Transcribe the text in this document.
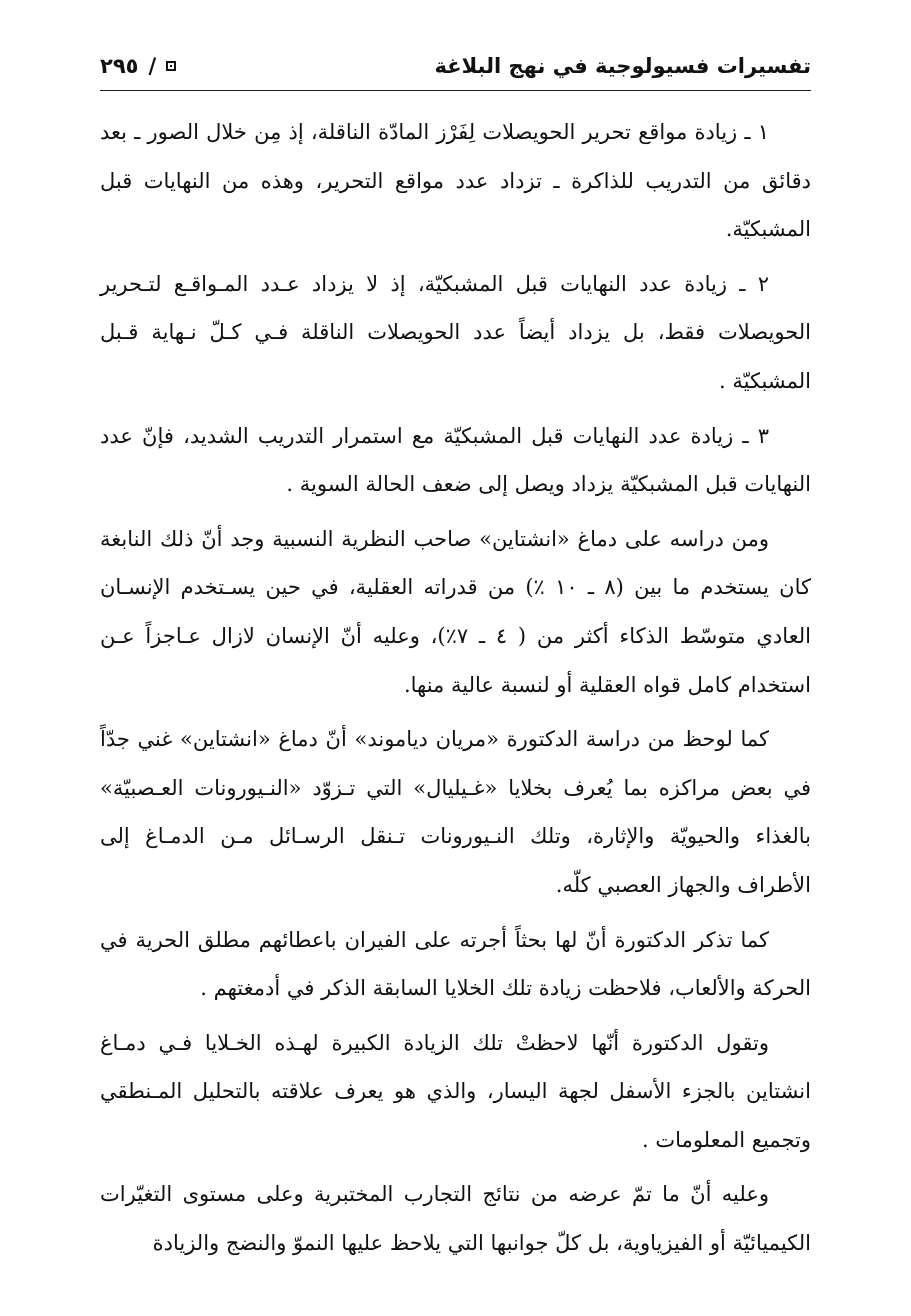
تفسيرات فسيولوجية في نهج البلاغة
/
٢٩٥

١ ـ زيادة مواقع تحرير الحويصلات لِفَرْز المادّة الناقلة، إذ مِن خلال الصور ـ بعد دقائق من التدريب للذاكرة ـ تزداد عدد مواقع التحرير، وهذه من النهايات قبل المشبكيّة.

٢ ـ زيادة عدد النهايات قبل المشبكيّة، إذ لا يزداد عـدد المـواقـع لتـحرير الحويصلات فقط، بل يزداد أيضاً عدد الحويصلات الناقلة فـي كـلّ نـهاية قـبل المشبكيّة .

٣ ـ زيادة عدد النهايات قبل المشبكيّة مع استمرار التدريب الشديد، فإنّ عدد النهايات قبل المشبكيّة يزداد ويصل إلى ضعف الحالة السوية .

ومن دراسه على دماغ «انشتاين» صاحب النظرية النسبية وجد أنّ ذلك النابغة كان يستخدم ما بين (٨ ـ ١٠ ٪) من قدراته العقلية، في حين يسـتخدم الإنسـان العادي متوسّط الذكاء أكثر من ( ٤ ـ ٧٪)، وعليه أنّ الإنسان لازال عـاجزاً عـن استخدام كامل قواه العقلية أو لنسبة عالية منها.

كما لوحظ من دراسة الدكتورة «مريان دياموند» أنّ دماغ «انشتاين» غني جدّاً في بعض مراكزه بما يُعرف بخلايا «غـيليال» التي تـزوّد «النـيورونات العـصبيّة» بالغذاء والحيويّة والإثارة، وتلك النـيورونات تـنقل الرسـائل مـن الدمـاغ إلى الأطراف والجهاز العصبي كلّه.

كما تذكر الدكتورة أنّ لها بحثاً أجرته على الفيران باعطائهم مطلق الحرية في الحركة والألعاب، فلاحظت زيادة تلك الخلايا السابقة الذكر في أدمغتهم .

وتقول الدكتورة أنّها لاحظتْ تلك الزيادة الكبيرة لهـذه الخـلايا فـي دمـاغ انشتاين بالجزء الأسفل لجهة اليسار، والذي هو يعرف علاقته بالتحليل المـنطقي وتجميع المعلومات .

وعليه أنّ ما تمّ عرضه من نتائج التجارب المختبرية وعلى مستوى التغيّرات الكيميائيّة أو الفيزياوية، بل كلّ جوانبها التي يلاحظ عليها النموّ والنضج والزيادة
